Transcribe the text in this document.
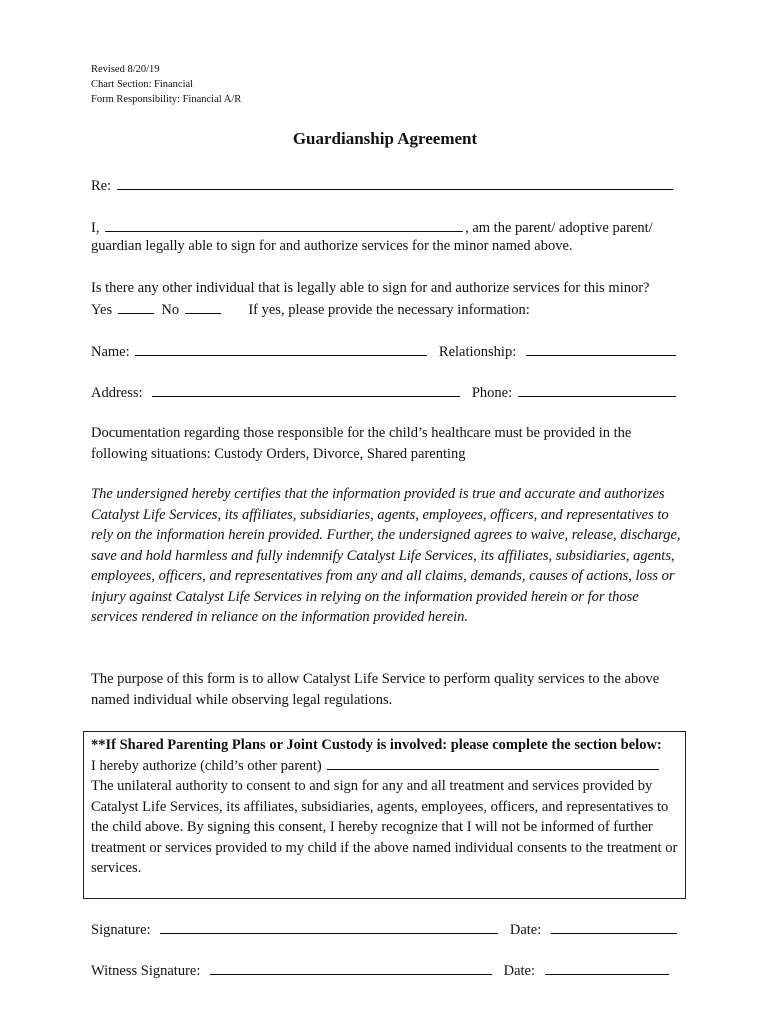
Revised 8/20/19
Chart Section: Financial
Form Responsibility: Financial A/R
Guardianship Agreement
Re:
I,	, am the parent/ adoptive parent/
guardian legally able to sign for and authorize services for the minor named above.
Is there any other individual that is legally able to sign for and authorize services for this minor?
Yes	No	If yes, please provide the necessary information:
Name:	Relationship:
Address:	Phone:
Documentation regarding those responsible for the child’s healthcare must be provided in the following situations: Custody Orders, Divorce, Shared parenting
The undersigned hereby certifies that the information provided is true and accurate and authorizes Catalyst Life Services, its affiliates, subsidiaries, agents, employees, officers, and representatives to rely on the information herein provided. Further, the undersigned agrees to waive, release, discharge, save and hold harmless and fully indemnify Catalyst Life Services, its affiliates, subsidiaries, agents, employees, officers, and representatives from any and all claims, demands, causes of actions, loss or injury against Catalyst Life Services in relying on the information provided herein or for those services rendered in reliance on the information provided herein.
The purpose of this form is to allow Catalyst Life Service to perform quality services to the above named individual while observing legal regulations.
**If Shared Parenting Plans or Joint Custody is involved: please complete the section below:
I hereby authorize (child’s other parent)
The unilateral authority to consent to and sign for any and all treatment and services provided by Catalyst Life Services, its affiliates, subsidiaries, agents, employees, officers, and representatives to the child above. By signing this consent, I hereby recognize that I will not be informed of further treatment or services provided to my child if the above named individual consents to the treatment or services.
Signature:	Date:
Witness Signature:	Date:
